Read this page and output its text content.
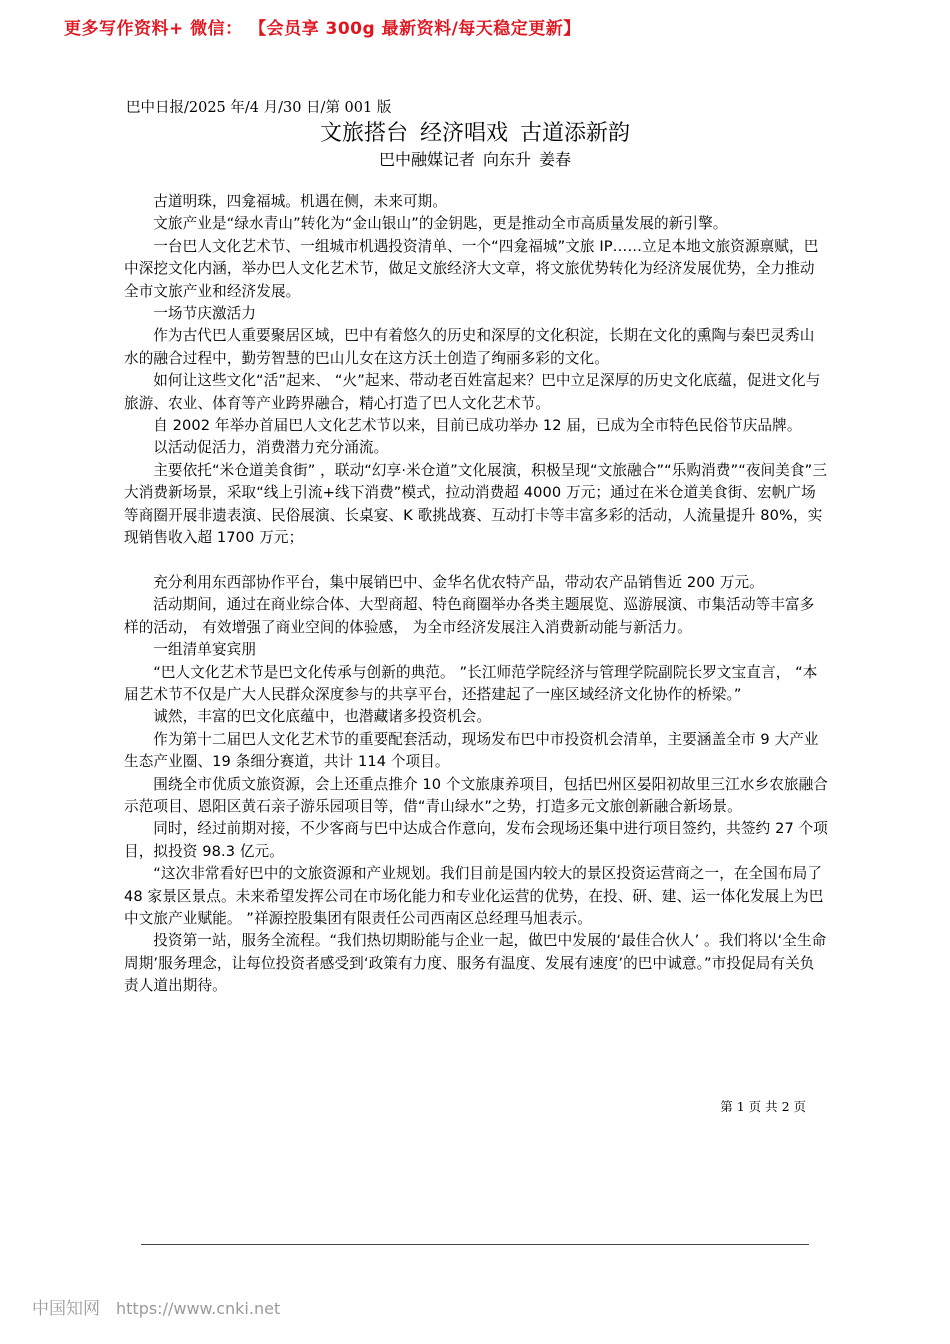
更多写作资料+ 微信： 【会员享 300g 最新资料/每天稳定更新】
巴中日报/2025 年/4 月/30 日/第 001 版
文旅搭台 经济唱戏 古道添新韵
巴中融媒记者 向东升 姜春

古道明珠，四龛福城。机遇在侧，未来可期。

文旅产业是“绿水青山”转化为“金山银山”的金钥匙，更是推动全市高质量发展的新引擎。

一台巴人文化艺术节、一组城市机遇投资清单、一个“四龛福城”文旅 IP……立足本地文旅资源禀赋，巴中深挖文化内涵，举办巴人文化艺术节，做足文旅经济大文章，将文旅优势转化为经济发展优势，全力推动全市文旅产业和经济发展。

一场节庆激活力

作为古代巴人重要聚居区域，巴中有着悠久的历史和深厚的文化积淀，长期在文化的熏陶与秦巴灵秀山水的融合过程中，勤劳智慧的巴山儿女在这方沃土创造了绚丽多彩的文化。

如何让这些文化“活”起来、 “火”起来、带动老百姓富起来？巴中立足深厚的历史文化底蕴，促进文化与旅游、农业、体育等产业跨界融合，精心打造了巴人文化艺术节。

自 2002 年举办首届巴人文化艺术节以来，目前已成功举办 12 届，已成为全市特色民俗节庆品牌。

以活动促活力，消费潜力充分涌流。

主要依托“米仓道美食街” ，联动“幻享·米仓道”文化展演，积极呈现“文旅融合”“乐购消费”“夜间美食”三大消费新场景，采取“线上引流+线下消费”模式，拉动消费超 4000 万元；通过在米仓道美食街、宏帆广场等商圈开展非遗表演、民俗展演、长桌宴、K 歌挑战赛、互动打卡等丰富多彩的活动，人流量提升 80%，实现销售收入超 1700 万元；

充分利用东西部协作平台，集中展销巴中、金华名优农特产品，带动农产品销售近 200 万元。

活动期间，通过在商业综合体、大型商超、特色商圈举办各类主题展览、巡游展演、市集活动等丰富多样的活动， 有效增强了商业空间的体验感， 为全市经济发展注入消费新动能与新活力。

一组清单宴宾朋

“巴人文化艺术节是巴文化传承与创新的典范。 ”长江师范学院经济与管理学院副院长罗文宝直言， “本届艺术节不仅是广大人民群众深度参与的共享平台，还搭建起了一座区域经济文化协作的桥梁。”

诚然，丰富的巴文化底蕴中，也潜藏诸多投资机会。

作为第十二届巴人文化艺术节的重要配套活动，现场发布巴中市投资机会清单，主要涵盖全市 9 大产业生态产业圈、19 条细分赛道，共计 114 个项目。

围绕全市优质文旅资源，会上还重点推介 10 个文旅康养项目，包括巴州区晏阳初故里三江水乡农旅融合示范项目、恩阳区黄石亲子游乐园项目等，借“青山绿水”之势，打造多元文旅创新融合新场景。

同时，经过前期对接，不少客商与巴中达成合作意向，发布会现场还集中进行项目签约，共签约 27 个项目，拟投资 98.3 亿元。

“这次非常看好巴中的文旅资源和产业规划。我们目前是国内较大的景区投资运营商之一，在全国布局了 48 家景区景点。未来希望发挥公司在市场化能力和专业化运营的优势，在投、研、建、运一体化发展上为巴中文旅产业赋能。 ”祥源控股集团有限责任公司西南区总经理马旭表示。

投资第一站，服务全流程。“我们热切期盼能与企业一起，做巴中发展的‘最佳合伙人’ 。我们将以‘全生命周期’服务理念，让每位投资者感受到‘政策有力度、服务有温度、发展有速度’的巴中诚意。”市投促局有关负责人道出期待。

第 1 页 共 2 页
中国知网 https://www.cnki.net
